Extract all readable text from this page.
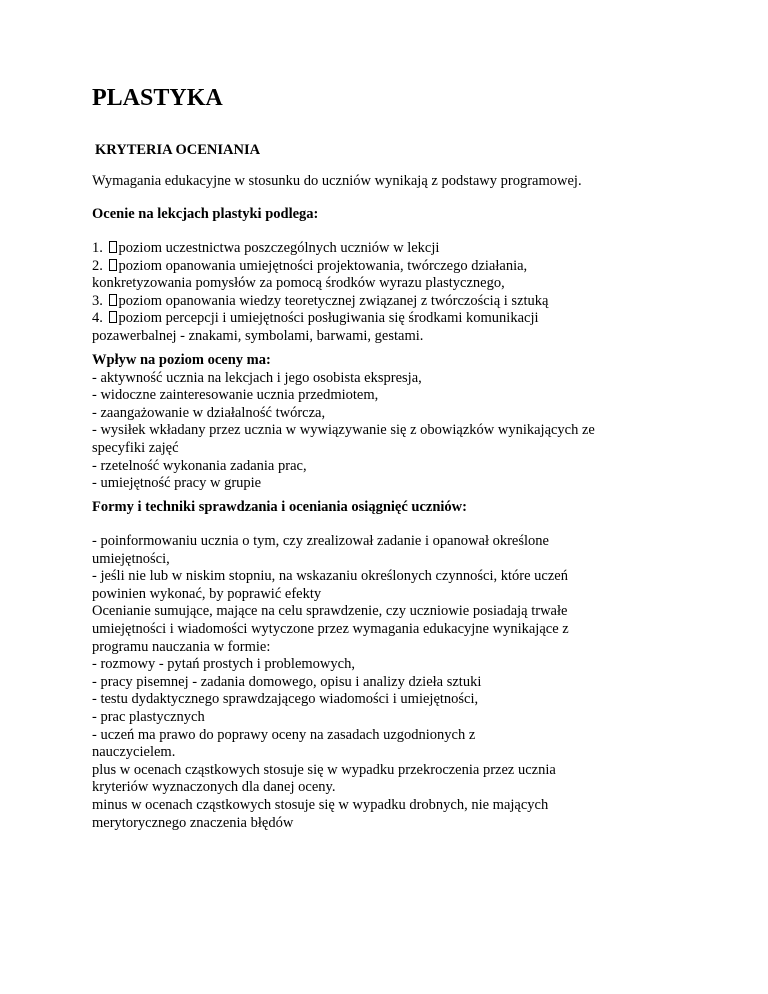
PLASTYKA
KRYTERIA OCENIANIA

Wymagania edukacyjne w stosunku do uczniów wynikają z podstawy programowej.

Ocenie na lekcjach plastyki podlega:

1. poziom uczestnictwa poszczególnych uczniów w lekcji
2. poziom opanowania umiejętności projektowania, twórczego działania,
konkretyzowania pomysłów za pomocą środków wyrazu plastycznego,
3. poziom opanowania wiedzy teoretycznej związanej z twórczością i sztuką
4. poziom percepcji i umiejętności posługiwania się środkami komunikacji
pozawerbalnej - znakami, symbolami, barwami, gestami.
Wpływ na poziom oceny ma:
- aktywność ucznia na lekcjach i jego osobista ekspresja,
- widoczne zainteresowanie ucznia przedmiotem,
- zaangażowanie w działalność twórcza,
- wysiłek wkładany przez ucznia w wywiązywanie się z obowiązków wynikających ze
specyfiki zajęć
- rzetelność wykonania zadania prac,
- umiejętność pracy w grupie

Formy i techniki sprawdzania i oceniania osiągnięć uczniów:

- poinformowaniu ucznia o tym, czy zrealizował zadanie i opanował określone
umiejętności,
- jeśli nie lub w niskim stopniu, na wskazaniu określonych czynności, które uczeń
powinien wykonać, by poprawić efekty
Ocenianie sumujące, mające na celu sprawdzenie, czy uczniowie posiadają trwałe
umiejętności i wiadomości wytyczone przez wymagania edukacyjne wynikające z
programu nauczania w formie:
- rozmowy - pytań prostych i problemowych,
- pracy pisemnej - zadania domowego, opisu i analizy dzieła sztuki
- testu dydaktycznego sprawdzającego wiadomości i umiejętności,
- prac plastycznych
- uczeń ma prawo do poprawy oceny na zasadach uzgodnionych z
nauczycielem.
plus w ocenach cząstkowych stosuje się w wypadku przekroczenia przez ucznia
kryteriów wyznaczonych dla danej oceny.
minus w ocenach cząstkowych stosuje się w wypadku drobnych, nie mających
merytorycznego znaczenia błędów
